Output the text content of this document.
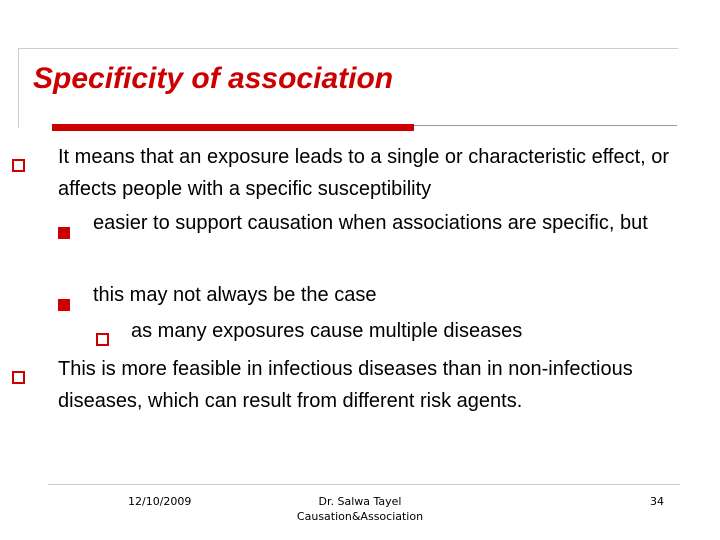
Specificity of association
It means that an exposure leads to a single or characteristic effect, or affects people with a specific susceptibility
easier to support causation when associations are specific, but
this may not always be the case
as many exposures cause multiple diseases
This is more feasible in infectious diseases than in non-infectious diseases, which can result from different risk agents.
12/10/2009	Dr. Salwa Tayel
Causation&Association
34
